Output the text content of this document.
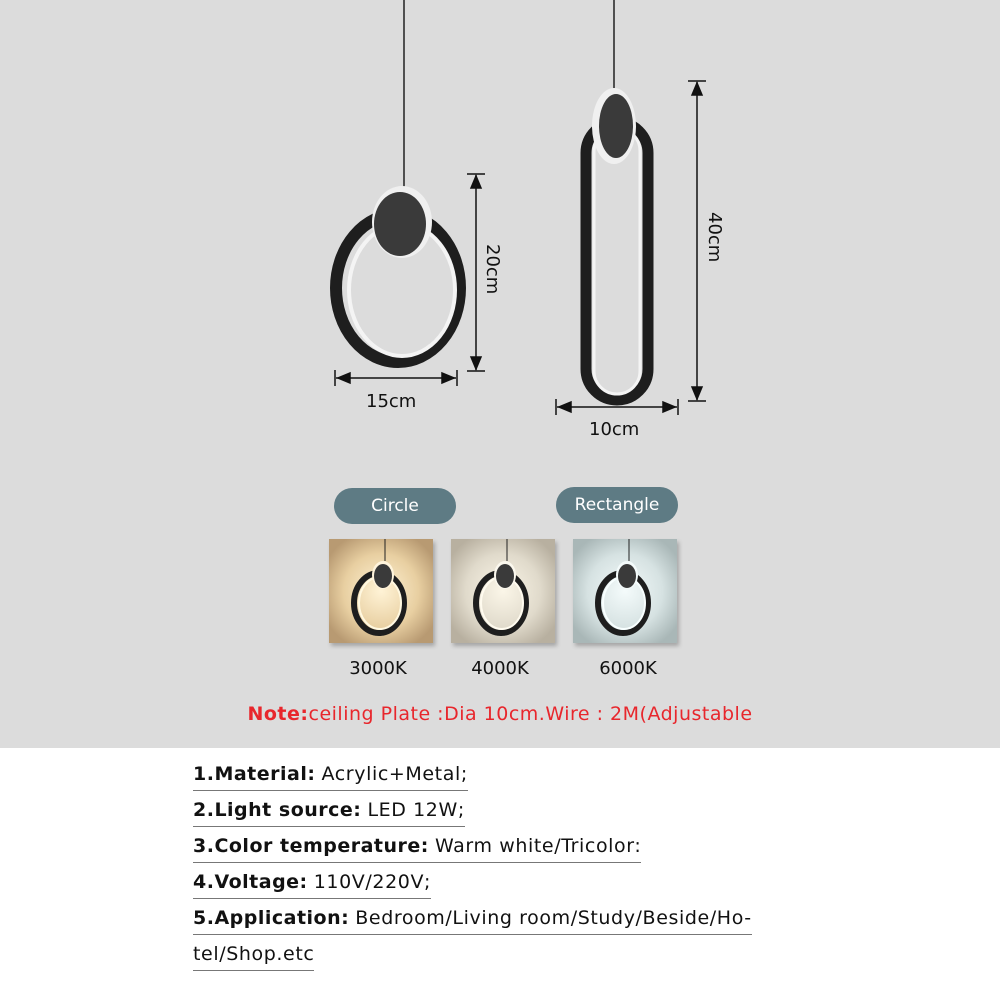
20cm
15cm
40cm
10cm
Circle	Rectangle
3000K	4000K	6000K
Note:ceiling Plate :Dia 10cm.Wire : 2M(Adjustable
1.Material: Acrylic+Metal;
2.Light source: LED 12W;
3.Color temperature: Warm white/Tricolor:
4.Voltage: 110V/220V;
5.Application: Bedroom/Living room/Study/Beside/Ho-
tel/Shop.etc
